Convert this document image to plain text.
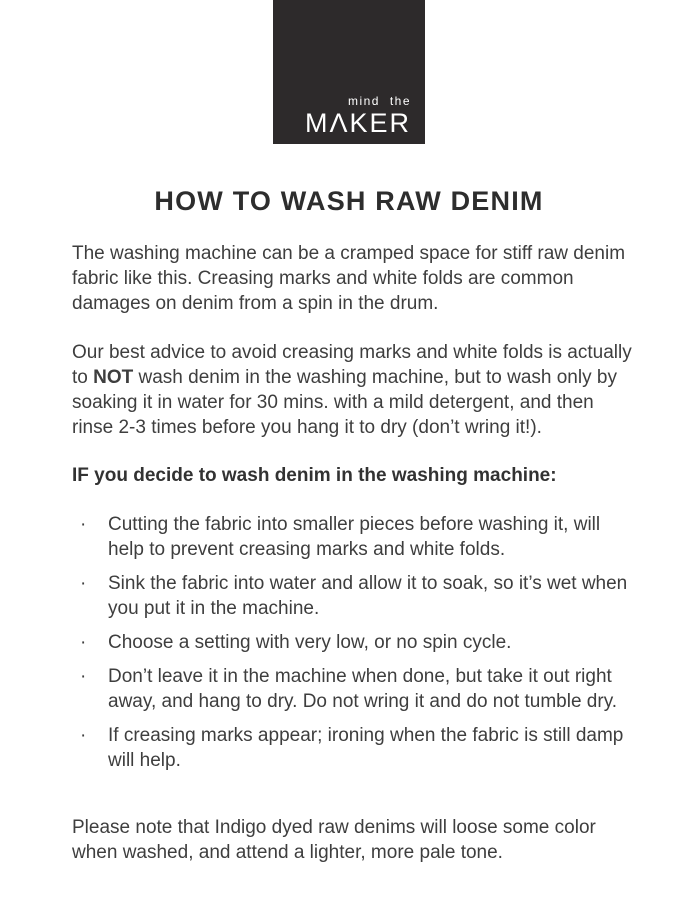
mind the
MΛKER
HOW TO WASH RAW DENIM

The washing machine can be a cramped space for stiff raw denim fabric like this. Creasing marks and white folds are common damages on denim from a spin in the drum.

Our best advice to avoid creasing marks and white folds is actually to NOT wash denim in the washing machine, but to wash only by soaking it in water for 30 mins. with a mild detergent, and then rinse 2-3 times before you hang it to dry (don’t wring it!).

IF you decide to wash denim in the washing machine:

·	Cutting the fabric into smaller pieces before washing it, will help to prevent creasing marks and white folds.
·	Sink the fabric into water and allow it to soak, so it’s wet when you put it in the machine.
·	Choose a setting with very low, or no spin cycle.
·	Don’t leave it in the machine when done, but take it out right away, and hang to dry. Do not wring it and do not tumble dry.
·	If creasing marks appear; ironing when the fabric is still damp will help.

Please note that Indigo dyed raw denims will loose some color when washed, and attend a lighter, more pale tone.
